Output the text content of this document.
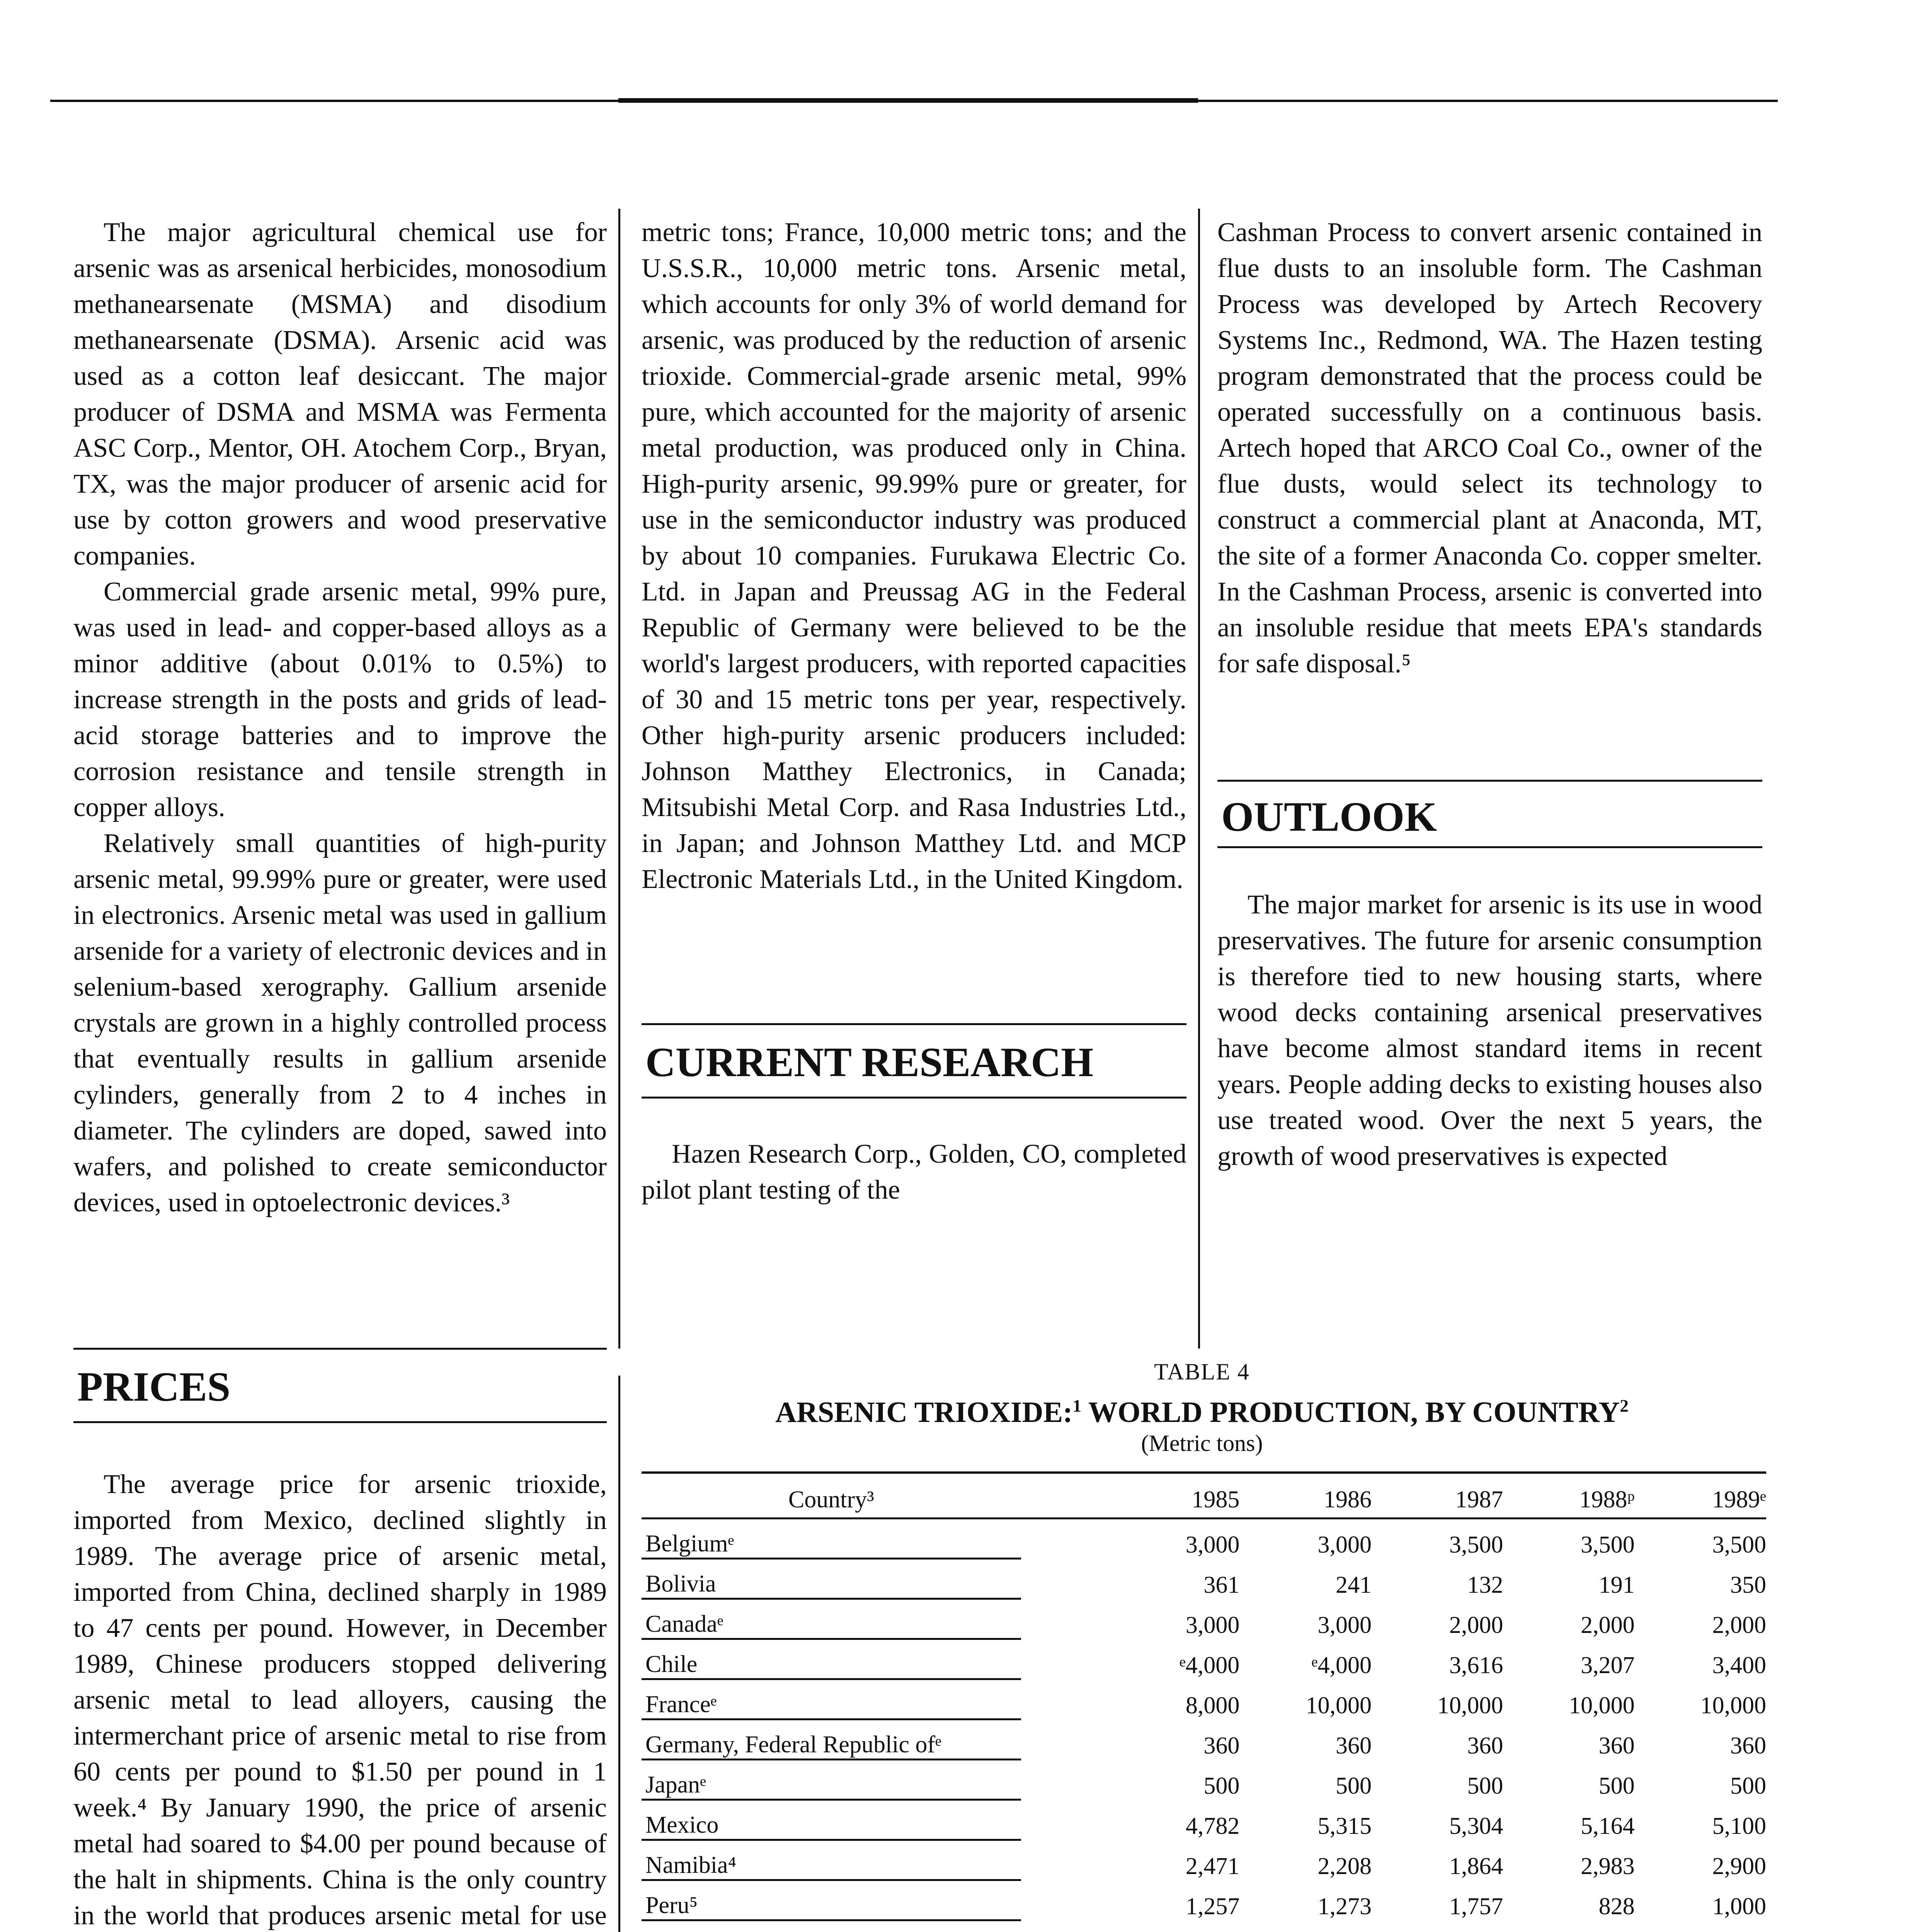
The major agricultural chemical use for arsenic was as arsenical herbicides, monosodium methanearsenate (MSMA) and disodium methanearsenate (DSMA). Arsenic acid was used as a cotton leaf desiccant. The major producer of DSMA and MSMA was Fermenta ASC Corp., Mentor, OH. Atochem Corp., Bryan, TX, was the major producer of arsenic acid for use by cotton growers and wood preservative companies.

Commercial grade arsenic metal, 99% pure, was used in lead- and copper-based alloys as a minor additive (about 0.01% to 0.5%) to increase strength in the posts and grids of lead-acid storage batteries and to improve the corrosion resistance and tensile strength in copper alloys.

Relatively small quantities of high-purity arsenic metal, 99.99% pure or greater, were used in electronics. Arsenic metal was used in gallium arsenide for a variety of electronic devices and in selenium-based xerography. Gallium arsenide crystals are grown in a highly controlled process that eventually results in gallium arsenide cylinders, generally from 2 to 4 inches in diameter. The cylinders are doped, sawed into wafers, and polished to create semiconductor devices, used in optoelectronic devices.³

PRICES

The average price for arsenic trioxide, imported from Mexico, declined slightly in 1989. The average price of arsenic metal, imported from China, declined sharply in 1989 to 47 cents per pound. However, in December 1989, Chinese producers stopped delivering arsenic metal to lead alloyers, causing the intermerchant price of arsenic metal to rise from 60 cents per pound to $1.50 per pound in 1 week.⁴ By January 1990, the price of arsenic metal had soared to $4.00 per pound because of the halt in shipments. China is the only country in the world that produces arsenic metal for use

metric tons; France, 10,000 metric tons; and the U.S.S.R., 10,000 metric tons. Arsenic metal, which accounts for only 3% of world demand for arsenic, was produced by the reduction of arsenic trioxide. Commercial-grade arsenic metal, 99% pure, which accounted for the majority of arsenic metal production, was produced only in China. High-purity arsenic, 99.99% pure or greater, for use in the semiconductor industry was produced by about 10 companies. Furukawa Electric Co. Ltd. in Japan and Preussag AG in the Federal Republic of Germany were believed to be the world's largest producers, with reported capacities of 30 and 15 metric tons per year, respectively. Other high-purity arsenic producers included: Johnson Matthey Electronics, in Canada; Mitsubishi Metal Corp. and Rasa Industries Ltd., in Japan; and Johnson Matthey Ltd. and MCP Electronic Materials Ltd., in the United Kingdom.

CURRENT RESEARCH

Hazen Research Corp., Golden, CO, completed pilot plant testing of the

Cashman Process to convert arsenic contained in flue dusts to an insoluble form. The Cashman Process was developed by Artech Recovery Systems Inc., Redmond, WA. The Hazen testing program demonstrated that the process could be operated successfully on a continuous basis. Artech hoped that ARCO Coal Co., owner of the flue dusts, would select its technology to construct a commercial plant at Anaconda, MT, the site of a former Anaconda Co. copper smelter. In the Cashman Process, arsenic is converted into an insoluble residue that meets EPA's standards for safe disposal.⁵

OUTLOOK

The major market for arsenic is its use in wood preservatives. The future for arsenic consumption is therefore tied to new housing starts, where wood decks containing arsenical preservatives have become almost standard items in recent years. People adding decks to existing houses also use treated wood. Over the next 5 years, the growth of wood preservatives is expected

TABLE 4
ARSENIC TRIOXIDE:$^1$ WORLD PRODUCTION, BY COUNTRY$^2$
(Metric tons)
Country³	1985	1986	1987	1988ᵖ	1989ᵉ

Belgiumᵉ	3,000	3,000	3,500	3,500	3,500
Bolivia	361	241	132	191	350
Canadaᵉ	3,000	3,000	2,000	2,000	2,000
Chile	ᵉ4,000	ᵉ4,000	3,616	3,207	3,400
Franceᵉ	8,000	10,000	10,000	10,000	10,000
Germany, Federal Republic ofᵉ	360	360	360	360	360
Japanᵉ	500	500	500	500	500
Mexico	4,782	5,315	5,304	5,164	5,100
Namibia⁴	2,471	2,208	1,864	2,983	2,900
Peru⁵	1,257	1,273	1,757	828	1,000
